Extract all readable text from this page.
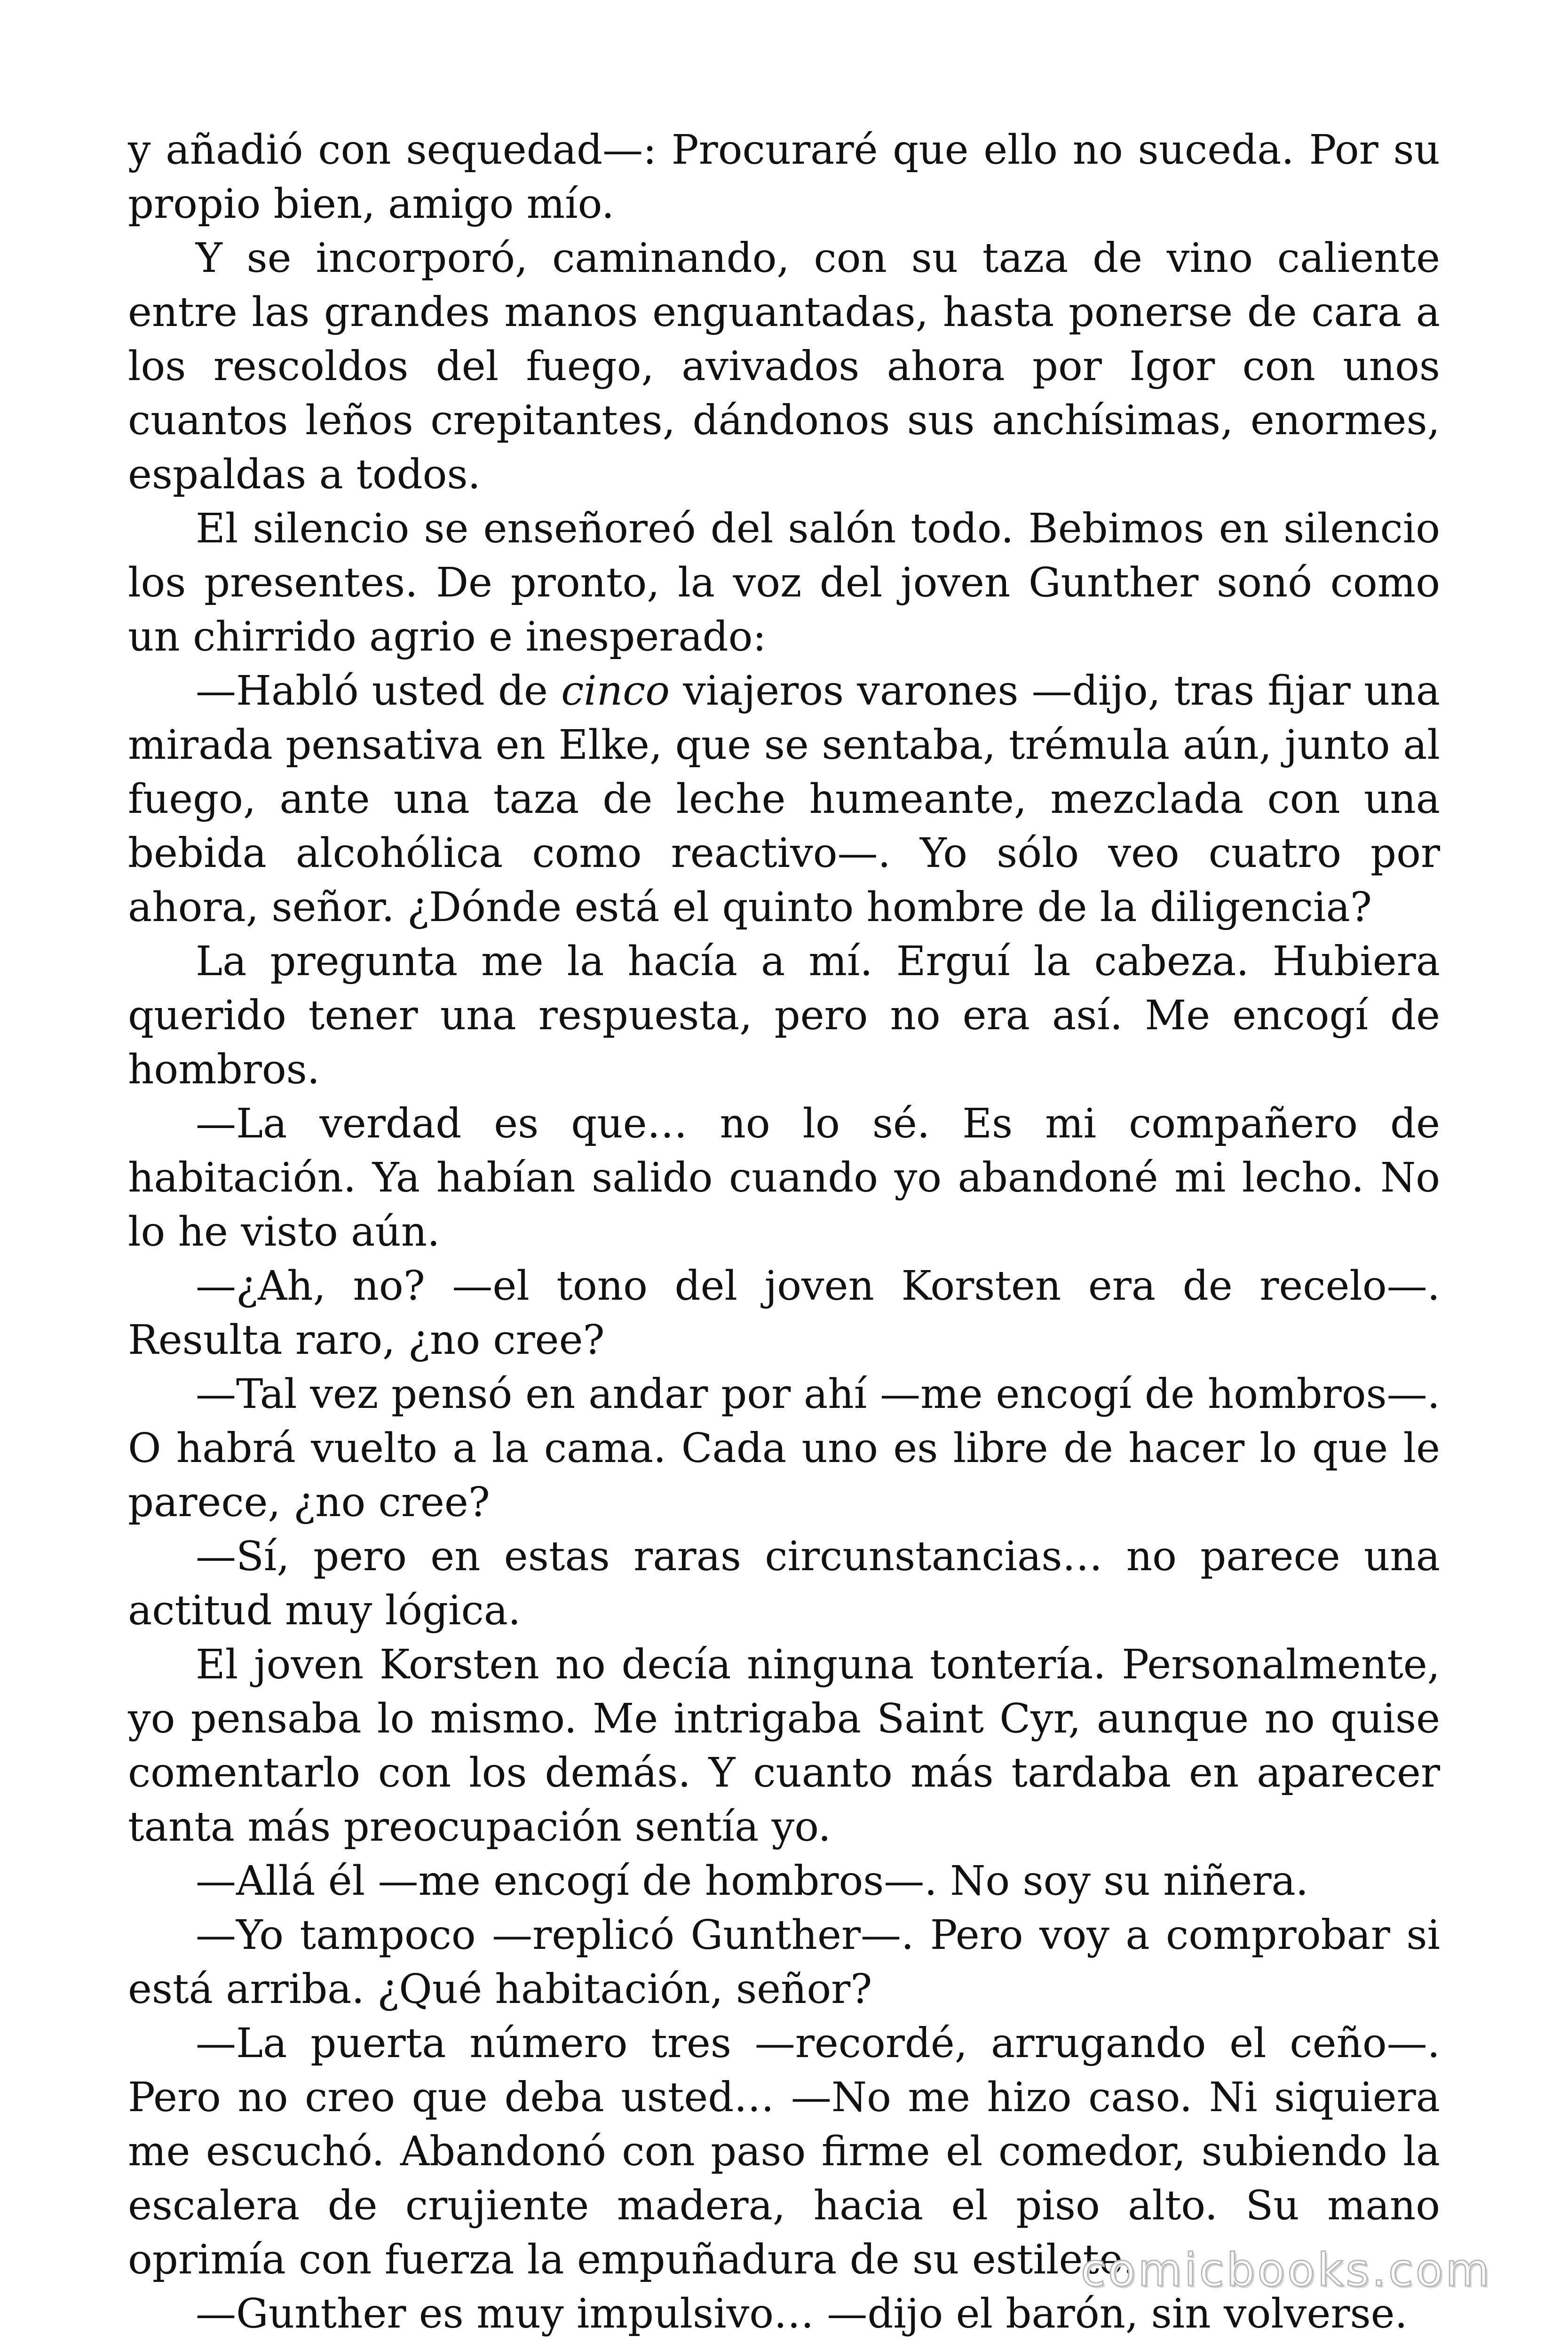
y añadió con sequedad—: Procuraré que ello no suceda. Por su propio bien, amigo mío.

Y se incorporó, caminando, con su taza de vino caliente entre las grandes manos enguantadas, hasta ponerse de cara a los rescoldos del fuego, avivados ahora por Igor con unos cuantos leños crepitantes, dándonos sus anchísimas, enormes, espaldas a todos.

El silencio se enseñoreó del salón todo. Bebimos en silencio los presentes. De pronto, la voz del joven Gunther sonó como un chirrido agrio e inesperado:

—Habló usted de cinco viajeros varones —dijo, tras fijar una mirada pensativa en Elke, que se sentaba, trémula aún, junto al fuego, ante una taza de leche humeante, mezclada con una bebida alcohólica como reactivo—. Yo sólo veo cuatro por ahora, señor. ¿Dónde está el quinto hombre de la diligencia?

La pregunta me la hacía a mí. Erguí la cabeza. Hubiera querido tener una respuesta, pero no era así. Me encogí de hombros.

—La verdad es que… no lo sé. Es mi compañero de habitación. Ya habían salido cuando yo abandoné mi lecho. No lo he visto aún.

—¿Ah, no? —el tono del joven Korsten era de recelo—. Resulta raro, ¿no cree?

—Tal vez pensó en andar por ahí —me encogí de hombros—. O habrá vuelto a la cama. Cada uno es libre de hacer lo que le parece, ¿no cree?

—Sí, pero en estas raras circunstancias… no parece una actitud muy lógica.

El joven Korsten no decía ninguna tontería. Personalmente, yo pensaba lo mismo. Me intrigaba Saint Cyr, aunque no quise comentarlo con los demás. Y cuanto más tardaba en aparecer tanta más preocupación sentía yo.

—Allá él —me encogí de hombros—. No soy su niñera.

—Yo tampoco —replicó Gunther—. Pero voy a comprobar si está arriba. ¿Qué habitación, señor?

—La puerta número tres —recordé, arrugando el ceño—. Pero no creo que deba usted… —No me hizo caso. Ni siquiera me escuchó. Abandonó con paso firme el comedor, subiendo la escalera de crujiente madera, hacia el piso alto. Su mano oprimía con fuerza la empuñadura de su estilete.

—Gunther es muy impulsivo… —dijo el barón, sin volverse.

comicbooks.com
